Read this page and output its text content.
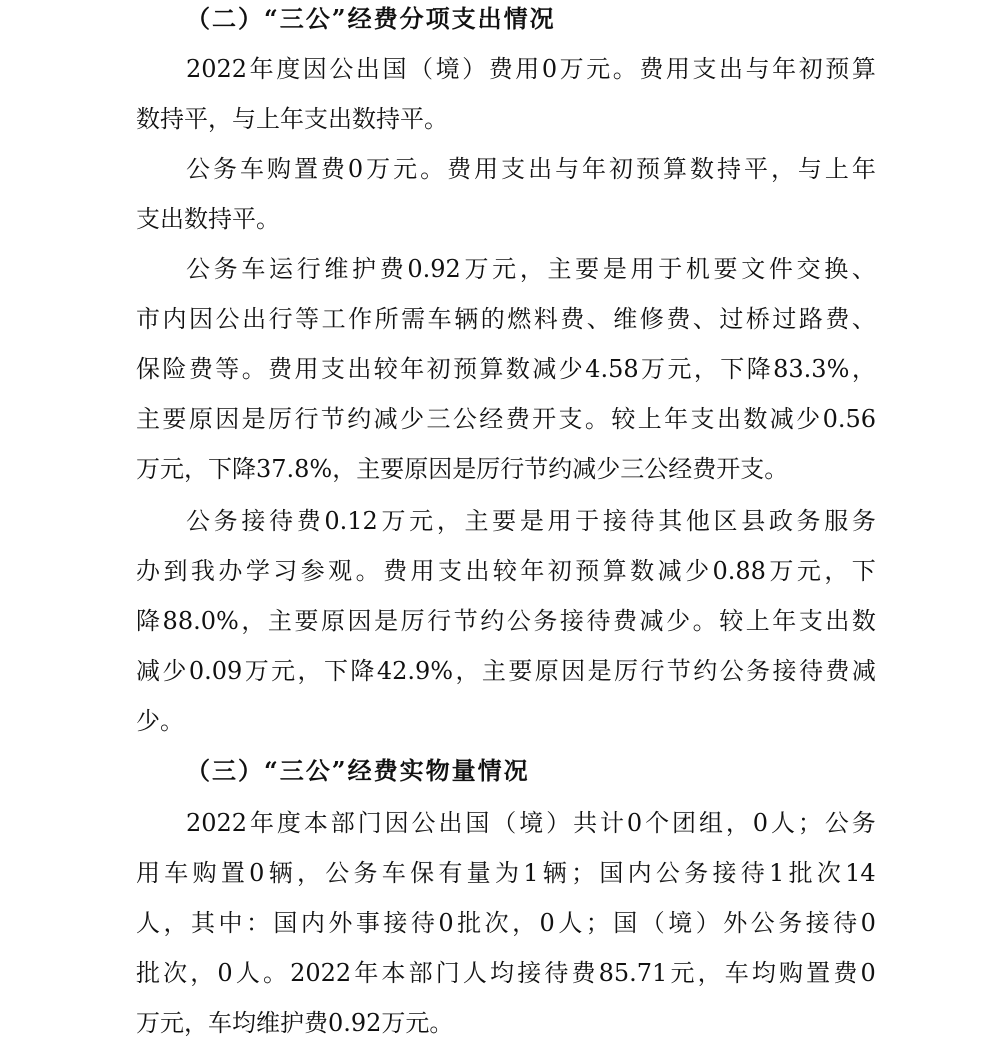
（二）“三公”经费分项支出情况
2022 年 度 因 公 出 国 （ 境 ） 费 用 0 万 元 。 费 用 支 出 与 年 初 预 算
数持平，与上年支出数持平。
公 务 车 购 置 费 0 万 元 。 费 用 支 出 与 年 初 预 算 数 持 平 ， 与 上 年
支出数持平。
公 务 车 运 行 维 护 费 0.92 万 元 ， 主 要 是 用 于 机 要 文 件 交 换 、
市 内 因 公 出 行 等 工 作 所 需 车 辆 的 燃 料 费 、 维 修 费 、 过 桥 过 路 费 、
保 险 费 等 。 费 用 支 出 较 年 初 预 算 数 减 少 4.58 万 元 ， 下 降 83.3% ，
主 要 原 因 是 厉 行 节 约 减 少 三 公 经 费 开 支 。 较 上 年 支 出 数 减 少 0.56
万元，下降37.8%，主要原因是厉行节约减少三公经费开支。
公 务 接 待 费 0.12 万 元 ， 主 要 是 用 于 接 待 其 他 区 县 政 务 服 务
办 到 我 办 学 习 参 观 。 费 用 支 出 较 年 初 预 算 数 减 少 0.88 万 元 ， 下
降 88.0% ， 主 要 原 因 是 厉 行 节 约 公 务 接 待 费 减 少 。 较 上 年 支 出 数
减 少 0.09 万 元 ， 下 降 42.9% ， 主 要 原 因 是 厉 行 节 约 公 务 接 待 费 减
少。
（三）“三公”经费实物量情况
2022 年 度 本 部 门 因 公 出 国 （ 境 ） 共 计 0 个 团 组 ， 0 人 ； 公 务
用 车 购 置 0 辆 ， 公 务 车 保 有 量 为 1 辆 ； 国 内 公 务 接 待 1 批 次 14
人 ， 其 中 ： 国 内 外 事 接 待 0 批 次 ， 0 人 ； 国 （ 境 ） 外 公 务 接 待 0
批 次 ， 0 人 。 2022 年 本 部 门 人 均 接 待 费 85.71 元 ， 车 均 购 置 费 0
万元，车均维护费0.92万元。
